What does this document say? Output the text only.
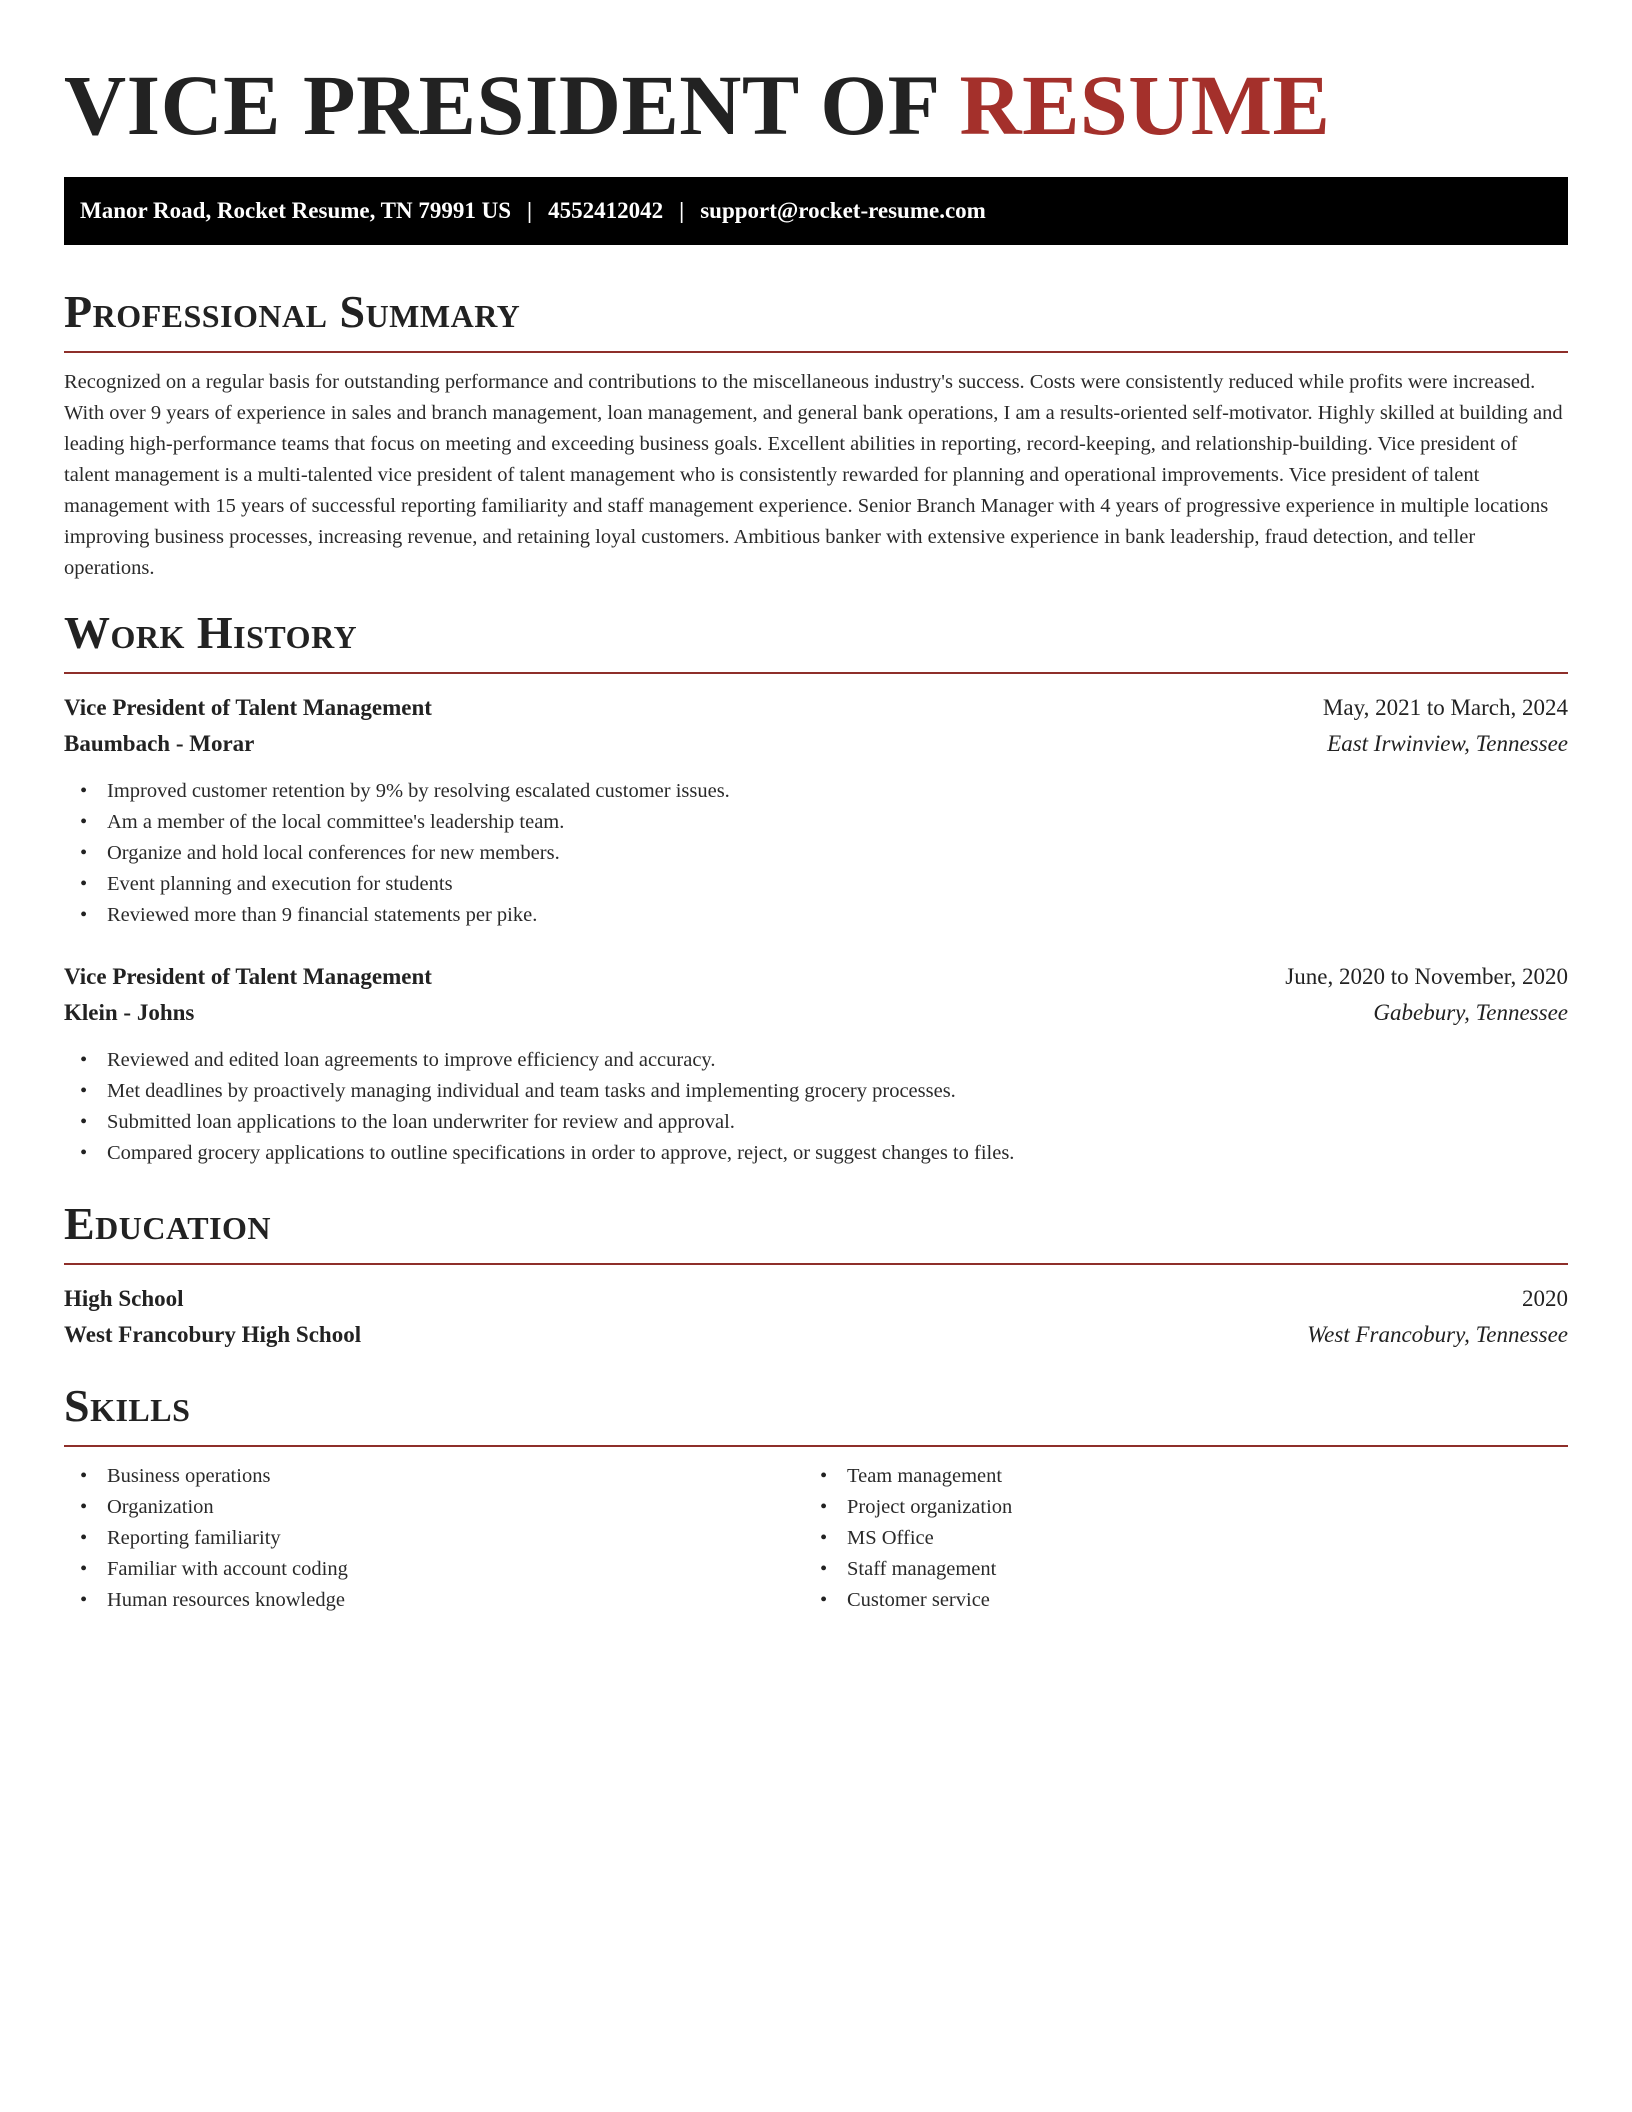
VICE PRESIDENT OF RESUME
Manor Road, Rocket Resume, TN 79991 US | 4552412042 | support@rocket-resume.com
Professional Summary

Recognized on a regular basis for outstanding performance and contributions to the miscellaneous industry's success. Costs were consistently reduced while profits were increased. With over 9 years of experience in sales and branch management, loan management, and general bank operations, I am a results-oriented self-motivator. Highly skilled at building and leading high-performance teams that focus on meeting and exceeding business goals. Excellent abilities in reporting, record-keeping, and relationship-building. Vice president of talent management is a multi-talented vice president of talent management who is consistently rewarded for planning and operational improvements. Vice president of talent management with 15 years of successful reporting familiarity and staff management experience. Senior Branch Manager with 4 years of progressive experience in multiple locations improving business processes, increasing revenue, and retaining loyal customers. Ambitious banker with extensive experience in bank leadership, fraud detection, and teller operations.

Work History
Vice President of Talent Management	May, 2021 to March, 2024
Baumbach - Morar	East Irwinview, Tennessee
• Improved customer retention by 9% by resolving escalated customer issues.
• Am a member of the local committee's leadership team.
• Organize and hold local conferences for new members.
• Event planning and execution for students
• Reviewed more than 9 financial statements per pike.
Vice President of Talent Management	June, 2020 to November, 2020
Klein - Johns	Gabebury, Tennessee
• Reviewed and edited loan agreements to improve efficiency and accuracy.
• Met deadlines by proactively managing individual and team tasks and implementing grocery processes.
• Submitted loan applications to the loan underwriter for review and approval.
• Compared grocery applications to outline specifications in order to approve, reject, or suggest changes to files.
Education
High School	2020
West Francobury High School	West Francobury, Tennessee
Skills
• Business operations
• Organization
• Reporting familiarity
• Familiar with account coding
• Human resources knowledge
• Team management
• Project organization
• MS Office
• Staff management
• Customer service
